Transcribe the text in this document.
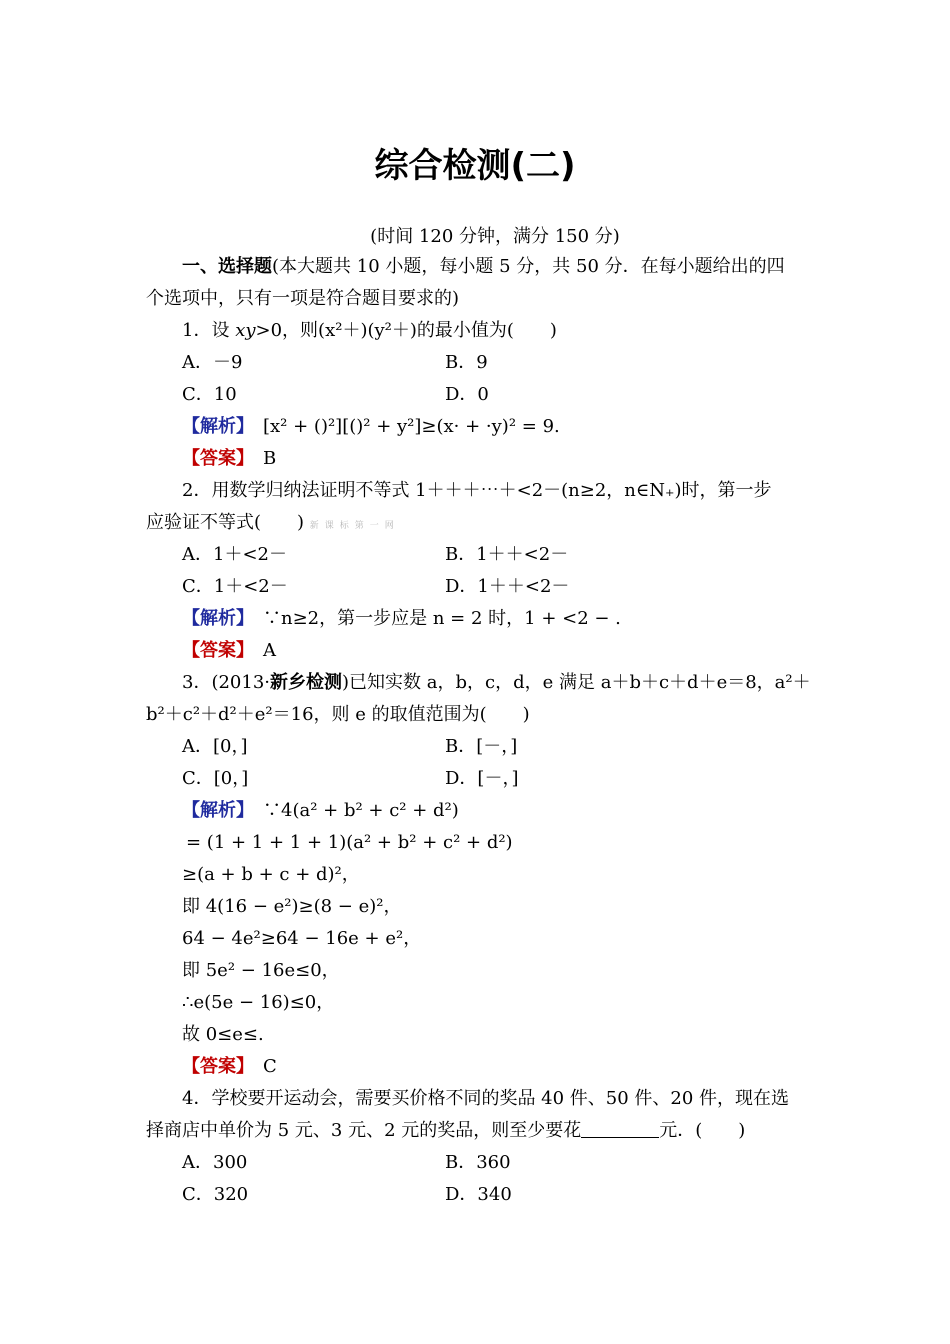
综合检测(二)
(时间 120 分钟，满分 150 分)
一、选择题(本大题共 10 小题，每小题 5 分，共 50 分．在每小题给出的四
个选项中，只有一项是符合题目要求的)
1．设 xy>0，则(x²＋)(y²＋)的最小值为(　　)
A．－9	B．9
C．10	D．0
【解析】　 [x² + ()²][()² + y²]≥(x· + ·y)² = 9.
【答案】　 B
2．用数学归纳法证明不等式 1＋＋＋⋯＋<2－(n≥2，n∈N₊)时，第一步
应验证不等式(　　) 新课标第一网
A．1＋<2－	B．1＋＋<2－
C．1＋<2－	D．1＋＋<2－
【解析】　 ∵n≥2，第一步应是 n = 2 时，1 + <2 − .
【答案】　 A
3．(2013·新乡检测)已知实数 a，b，c，d，e 满足 a＋b＋c＋d＋e＝8，a²＋
b²＋c²＋d²＋e²＝16，则 e 的取值范围为(　　)
A．[0，]	B．[－，]
C．[0，]	D．[－，]
【解析】　 ∵4(a² + b² + c² + d²)
= (1 + 1 + 1 + 1)(a² + b² + c² + d²)
≥(a + b + c + d)²，
即 4(16 − e²)≥(8 − e)²，
64 − 4e²≥64 − 16e + e²，
即 5e² − 16e≤0，
∴e(5e − 16)≤0，
故 0≤e≤.
【答案】　 C
4．学校要开运动会，需要买价格不同的奖品 40 件、50 件、20 件，现在选
择商店中单价为 5 元、3 元、2 元的奖品，则至少要花	元．(　　)
A．300	B．360
C．320	D．340
